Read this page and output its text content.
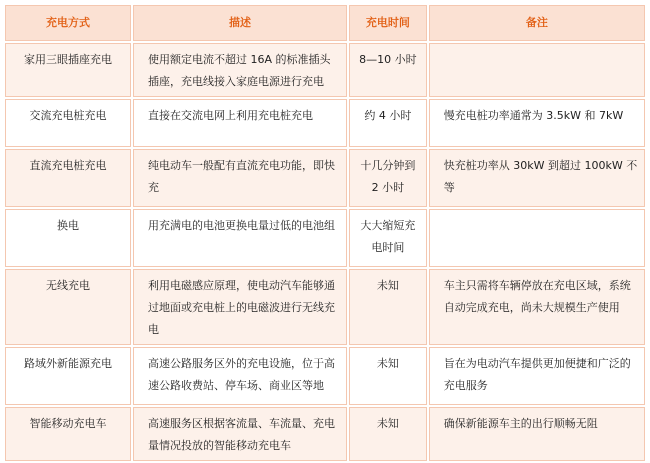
充电方式	描述	充电时间	备注
家用三眼插座充电	使用额定电流不超过 16A 的标准插头插座，充电线接入家庭电源进行充电	8—10 小时	
交流充电桩充电	直接在交流电网上利用充电桩充电	约 4 小时	慢充电桩功率通常为 3.5kW 和 7kW
直流充电桩充电	纯电动车一般配有直流充电功能，即快充	十几分钟到 2 小时	快充桩功率从 30kW 到超过 100kW 不等
换电	用充满电的电池更换电量过低的电池组	大大缩短充电时间	
无线充电	利用电磁感应原理，使电动汽车能够通过地面或充电桩上的电磁波进行无线充电	未知	车主只需将车辆停放在充电区域，系统自动完成充电，尚未大规模生产使用
路域外新能源充电	高速公路服务区外的充电设施，位于高速公路收费站、停车场、商业区等地	未知	旨在为电动汽车提供更加便捷和广泛的充电服务
智能移动充电车	高速服务区根据客流量、车流量、充电量情况投放的智能移动充电车	未知	确保新能源车主的出行顺畅无阻
